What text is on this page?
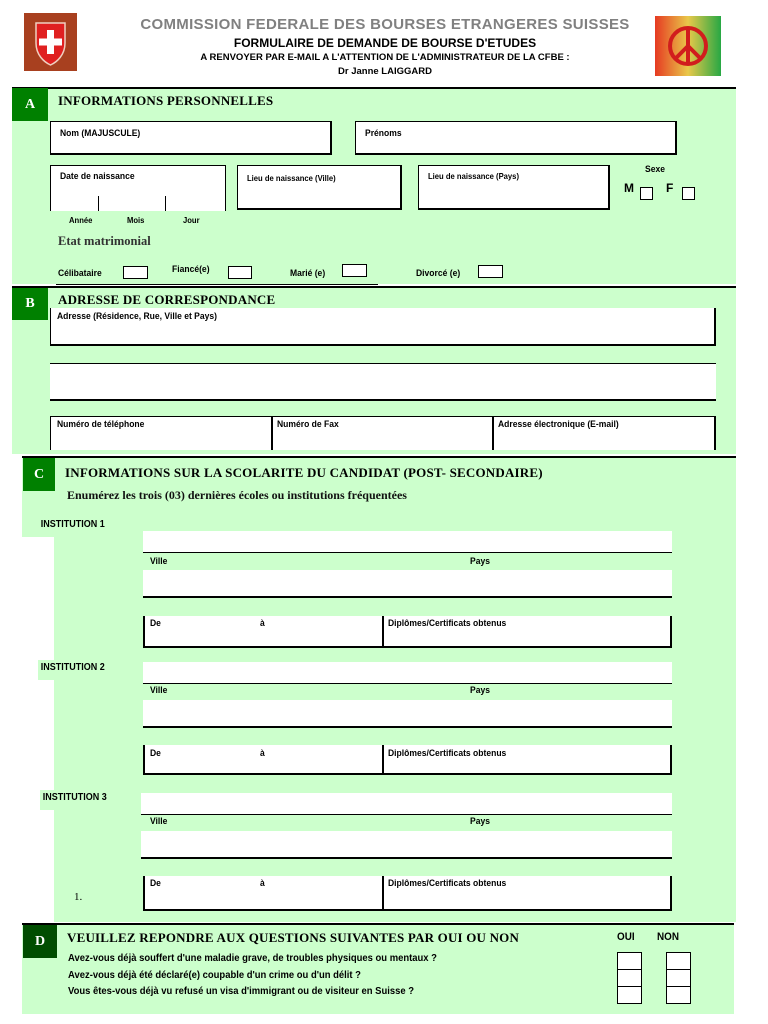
COMMISSION FEDERALE DES BOURSES ETRANGERES SUISSES
FORMULAIRE DE DEMANDE DE BOURSE D'ETUDES
A RENVOYER PAR E-MAIL A L'ATTENTION DE L'ADMINISTRATEUR DE LA CFBE :
Dr Janne LAIGGARD
A	INFORMATIONS PERSONNELLES
Nom (MAJUSCULE)	Prénoms
Date de naissance
Année	Mois	Jour
Lieu de naissance (Ville)	Lieu de naissance (Pays)
Sexe
M	F
Etat matrimonial
Célibataire	Fiancé(e)	Marié (e)	Divorcé (e)
B	ADRESSE DE CORRESPONDANCE
Adresse (Résidence, Rue, Ville et Pays)
Numéro de téléphone	Numéro de Fax	Adresse électronique (E-mail)
C	INFORMATIONS SUR LA SCOLARITE DU CANDIDAT (POST- SECONDAIRE)
Enumérez les trois (03) dernières écoles ou institutions fréquentées
INSTITUTION 1
Ville	Pays
De	à	Diplômes/Certificats obtenus
INSTITUTION 2
Ville	Pays
De	à	Diplômes/Certificats obtenus
INSTITUTION 3
Ville	Pays
1.
De	à	Diplômes/Certificats obtenus
D	VEUILLEZ REPONDRE AUX QUESTIONS SUIVANTES PAR OUI OU NON	OUI NON
Avez-vous déjà souffert d'une maladie grave, de troubles physiques ou mentaux ?
Avez-vous déjà été déclaré(e) coupable d'un crime ou d'un délit ?
Vous êtes-vous déjà vu refusé un visa d'immigrant ou de visiteur en Suisse ?
